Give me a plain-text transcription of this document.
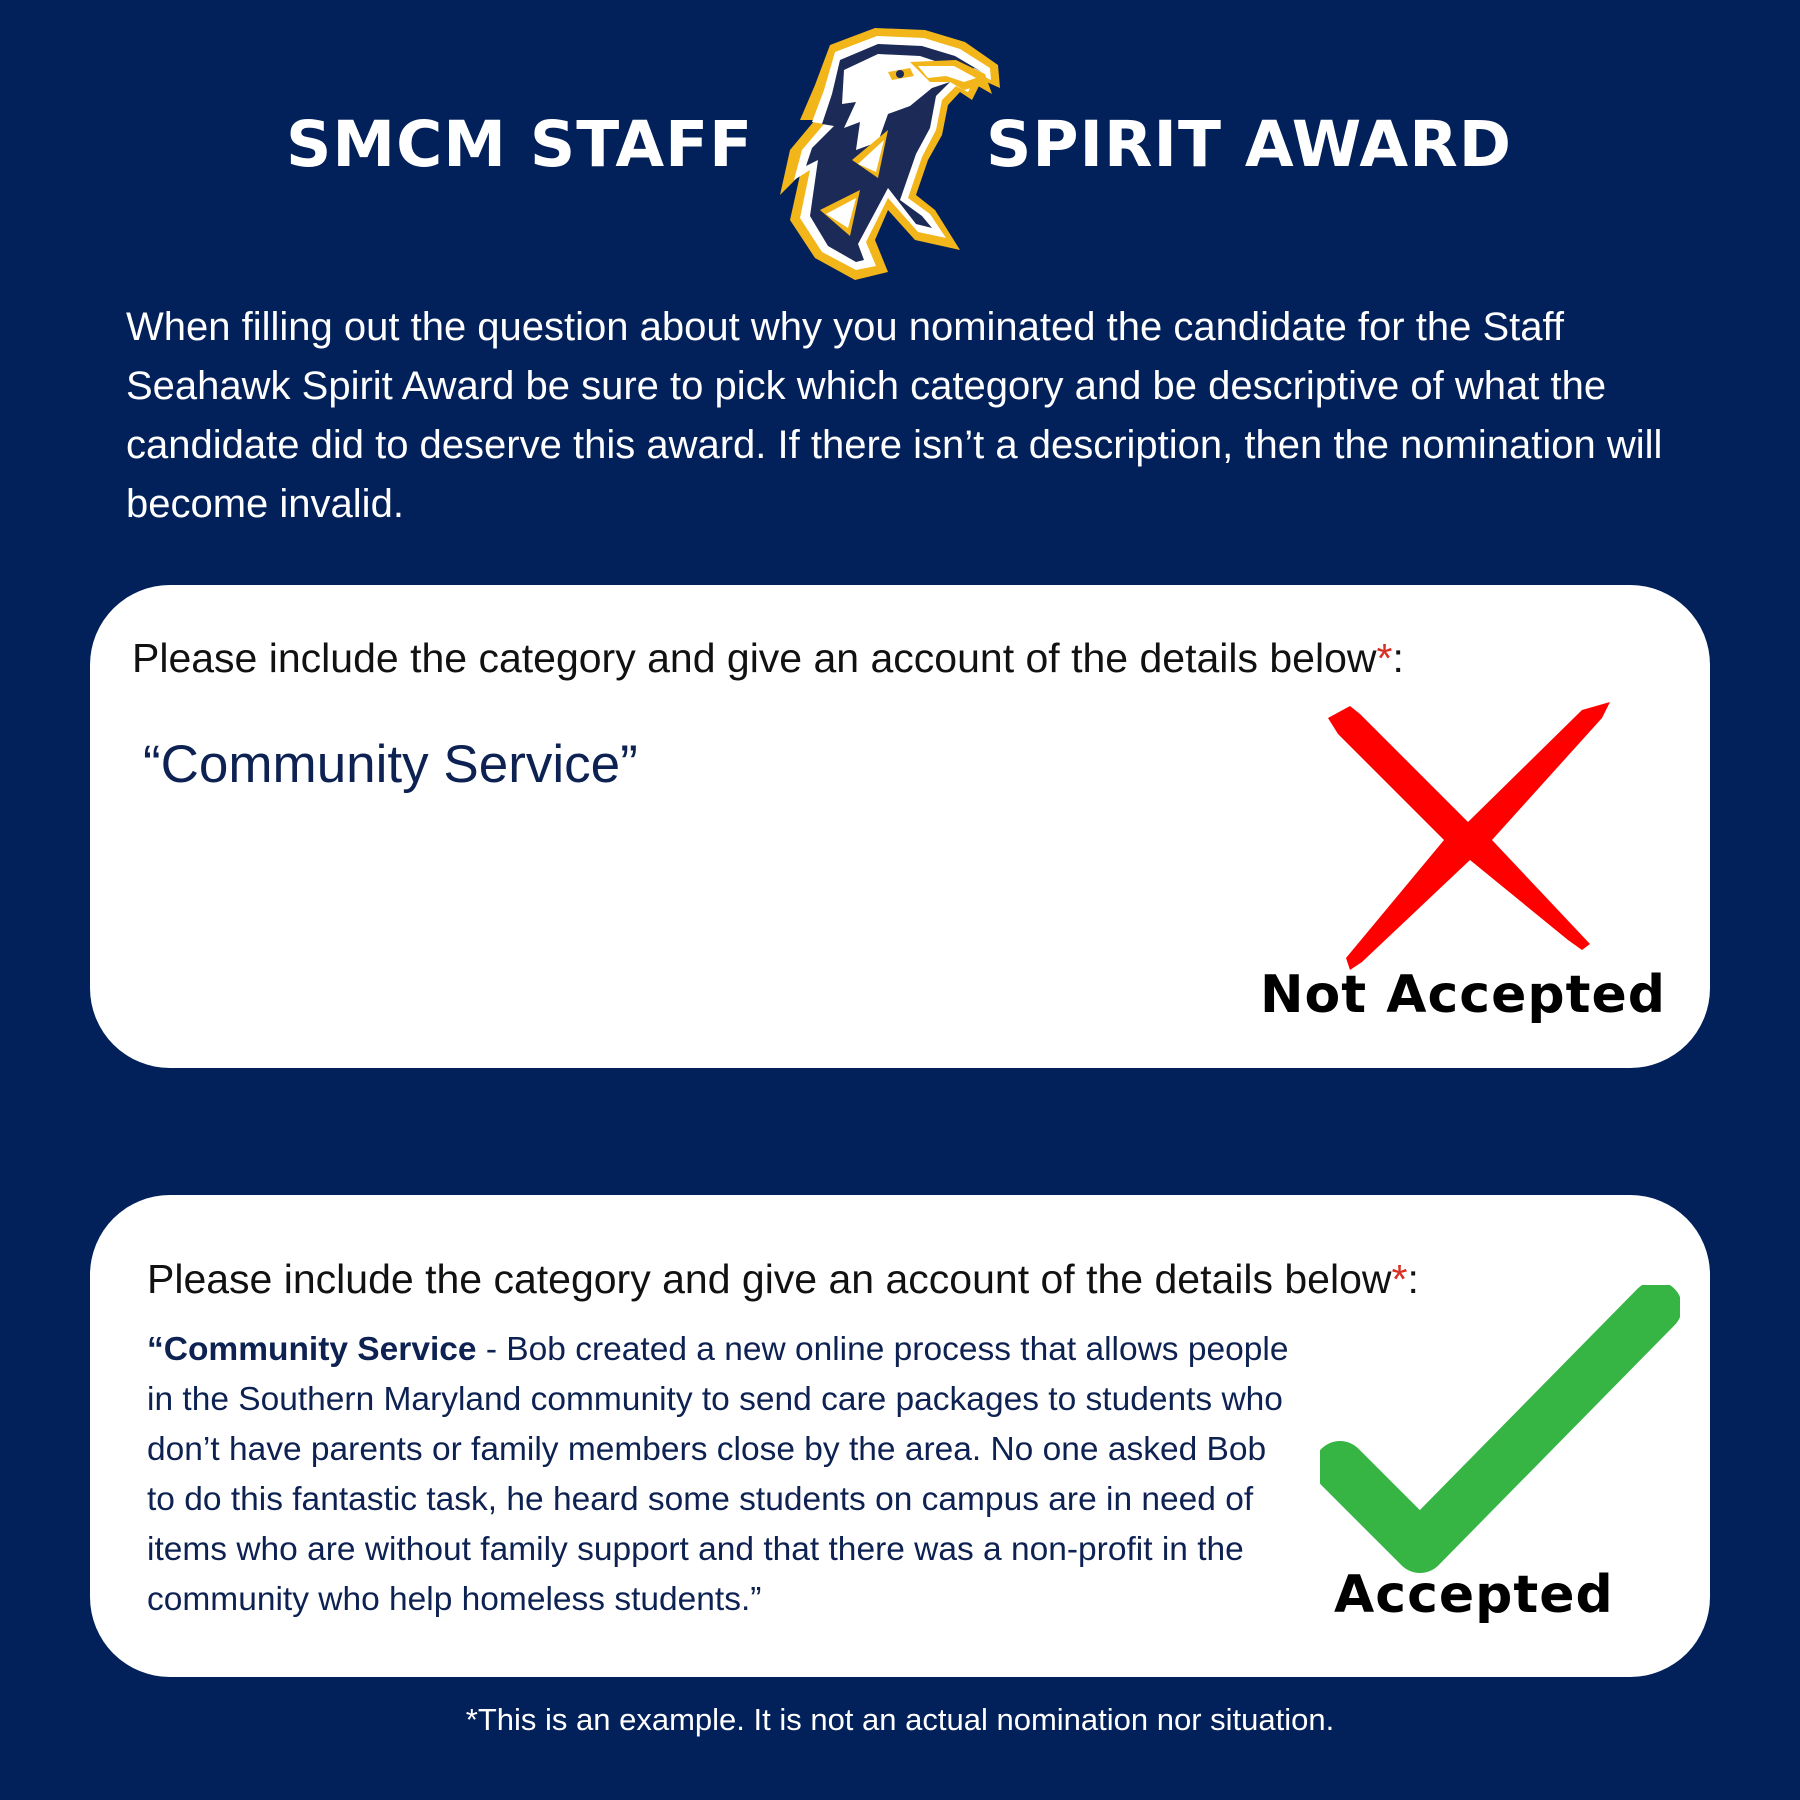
SMCM STAFF	SPIRIT AWARD
When filling out the question about why you nominated the candidate for the Staff Seahawk Spirit Award be sure to pick which category and be descriptive of what the candidate did to deserve this award. If there isn’t a description, then the nomination will become invalid.
Please include the category and give an account of the details below*:
“Community Service”
Not Accepted
Please include the category and give an account of the details below*:
“Community Service - Bob created a new online process that allows people in the Southern Maryland community to send care packages to students who don’t have parents or family members close by the area. No one asked Bob to do this fantastic task, he heard some students on campus are in need of items who are without family support and that there was a non-profit in the community who help homeless students.”	Accepted
*This is an example. It is not an actual nomination nor situation.
